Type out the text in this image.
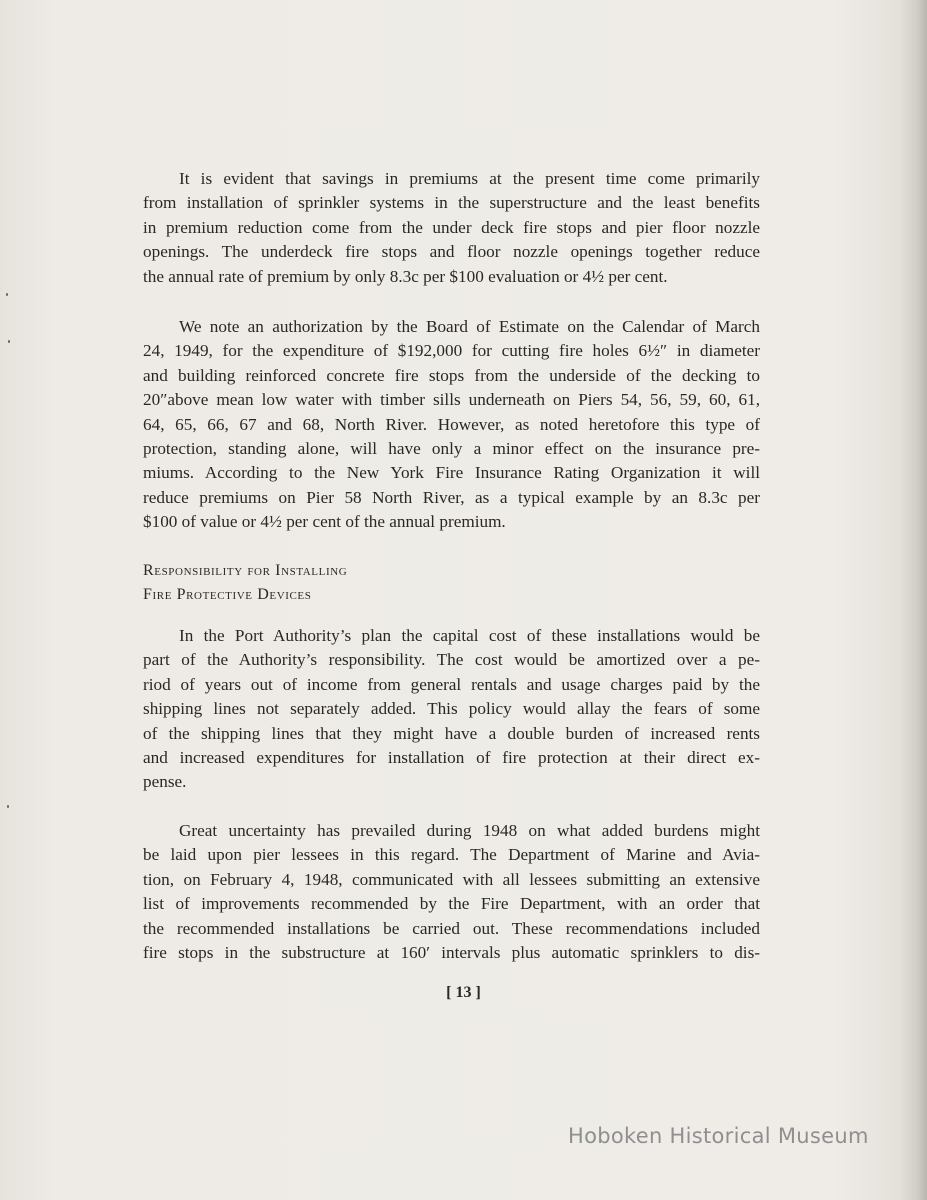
It is evident that savings in premiums at the present time come primarily
from installation of sprinkler systems in the superstructure and the least benefits
in premium reduction come from the under deck fire stops and pier floor nozzle
openings. The underdeck fire stops and floor nozzle openings together reduce
the annual rate of premium by only 8.3c per $100 evaluation or 4½ per cent.
We note an authorization by the Board of Estimate on the Calendar of March
24, 1949, for the expenditure of $192,000 for cutting fire holes 6½″ in diameter
and building reinforced concrete fire stops from the underside of the decking to
20″above mean low water with timber sills underneath on Piers 54, 56, 59, 60, 61,
64, 65, 66, 67 and 68, North River. However, as noted heretofore this type of
protection, standing alone, will have only a minor effect on the insurance pre-
miums. According to the New York Fire Insurance Rating Organization it will
reduce premiums on Pier 58 North River, as a typical example by an 8.3c per
$100 of value or 4½ per cent of the annual premium.
Responsibility for Installing
Fire Protective Devices
In the Port Authority’s plan the capital cost of these installations would be
part of the Authority’s responsibility. The cost would be amortized over a pe-
riod of years out of income from general rentals and usage charges paid by the
shipping lines not separately added. This policy would allay the fears of some
of the shipping lines that they might have a double burden of increased rents
and increased expenditures for installation of fire protection at their direct ex-
pense.
Great uncertainty has prevailed during 1948 on what added burdens might
be laid upon pier lessees in this regard. The Department of Marine and Avia-
tion, on February 4, 1948, communicated with all lessees submitting an extensive
list of improvements recommended by the Fire Department, with an order that
the recommended installations be carried out. These recommendations included
fire stops in the substructure at 160′ intervals plus automatic sprinklers to dis-
[ 13 ]
Hoboken Historical Museum
